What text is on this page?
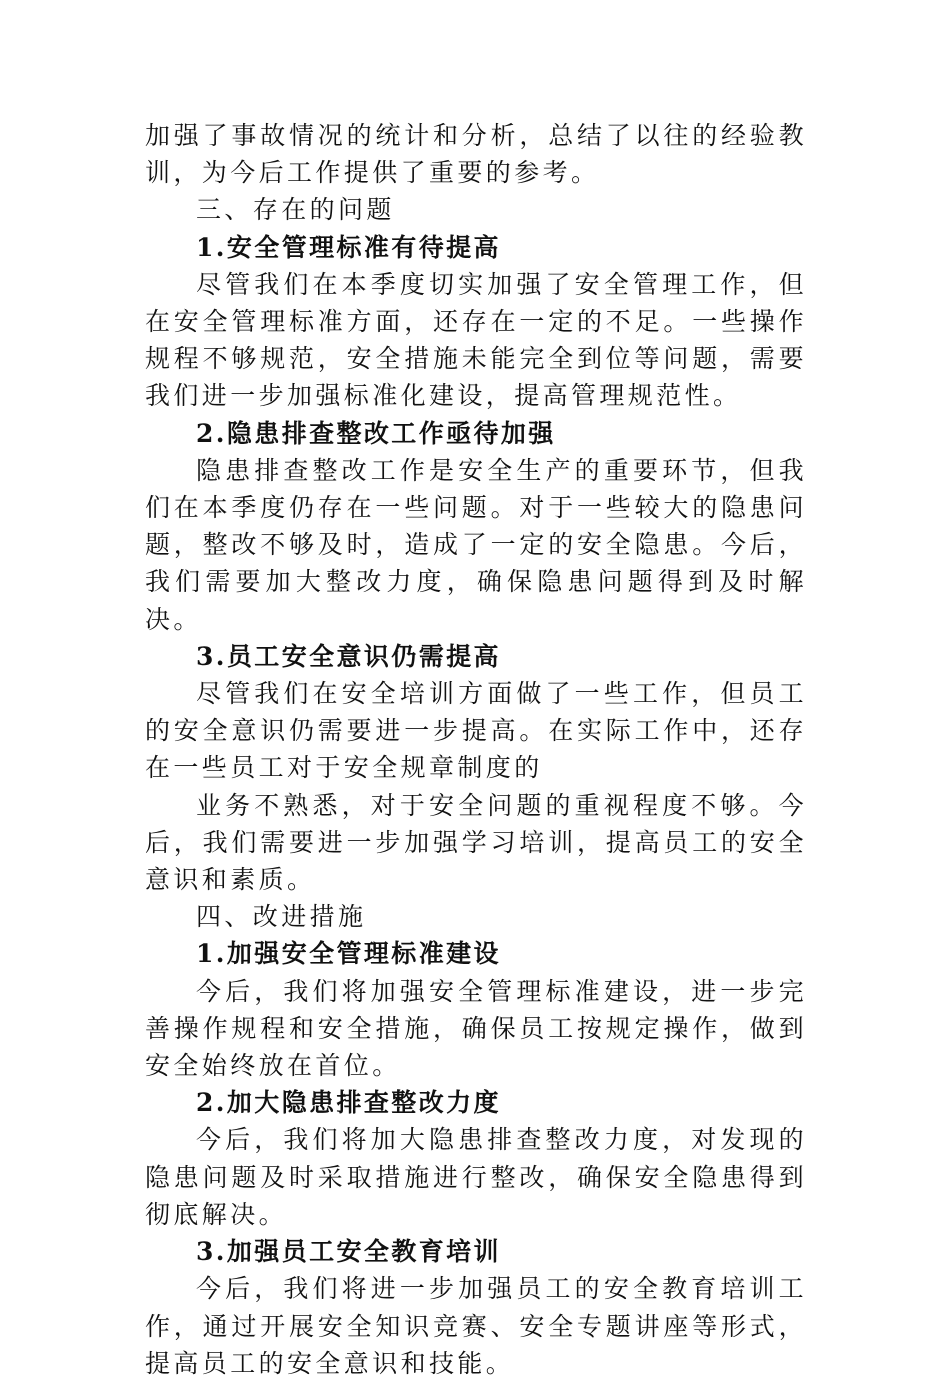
加强了事故情况的统计和分析，总结了以往的经验教训，为今后工作提供了重要的参考。

三、存在的问题

1.安全管理标准有待提高

尽管我们在本季度切实加强了安全管理工作，但在安全管理标准方面，还存在一定的不足。一些操作规程不够规范，安全措施未能完全到位等问题，需要我们进一步加强标准化建设，提高管理规范性。

2.隐患排查整改工作亟待加强

隐患排查整改工作是安全生产的重要环节，但我们在本季度仍存在一些问题。对于一些较大的隐患问题，整改不够及时，造成了一定的安全隐患。今后，我们需要加大整改力度，确保隐患问题得到及时解决。

3.员工安全意识仍需提高

尽管我们在安全培训方面做了一些工作，但员工的安全意识仍需要进一步提高。在实际工作中，还存在一些员工对于安全规章制度的

业务不熟悉，对于安全问题的重视程度不够。今后，我们需要进一步加强学习培训，提高员工的安全意识和素质。

四、改进措施

1.加强安全管理标准建设

今后，我们将加强安全管理标准建设，进一步完善操作规程和安全措施，确保员工按规定操作，做到安全始终放在首位。

2.加大隐患排查整改力度

今后，我们将加大隐患排查整改力度，对发现的隐患问题及时采取措施进行整改，确保安全隐患得到彻底解决。

3.加强员工安全教育培训

今后，我们将进一步加强员工的安全教育培训工作，通过开展安全知识竞赛、安全专题讲座等形式，提高员工的安全意识和技能。
